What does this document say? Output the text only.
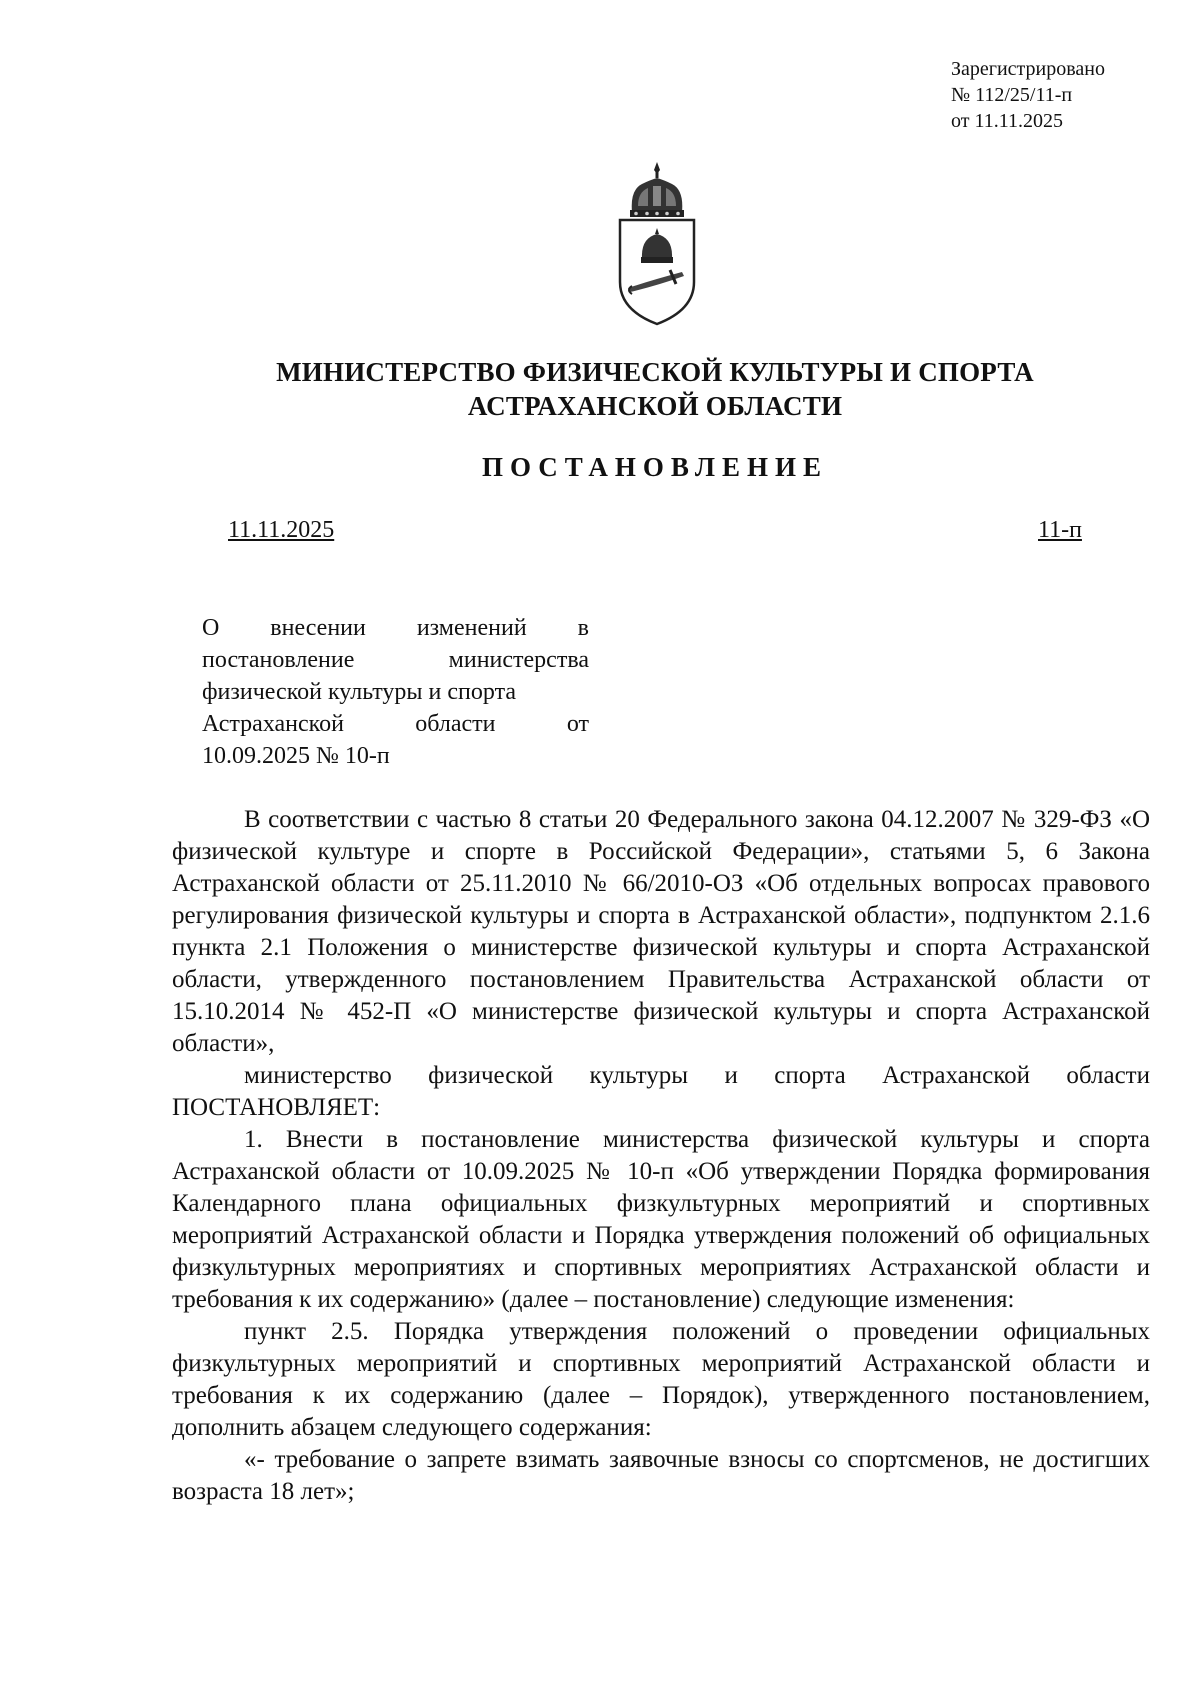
Зарегистрировано
№ 112/25/11-п
от 11.11.2025
МИНИСТЕРСТВО ФИЗИЧЕСКОЙ КУЛЬТУРЫ И СПОРТА
АСТРАХАНСКОЙ ОБЛАСТИ
ПОСТАНОВЛЕНИЕ
11.11.2025	11-п
О внесении изменений в
постановление	министерства
физической культуры и спорта
Астраханской	области	от
10.09.2025 № 10-п

В соответствии с частью 8 статьи 20 Федерального закона 04.12.2007 № 329-ФЗ «О физической культуре и спорте в Российской Федерации», статьями 5, 6 Закона Астраханской области от 25.11.2010 № 66/2010-ОЗ «Об отдельных вопросах правового регулирования физической культуры и спорта в Астраханской области», подпунктом 2.1.6 пункта 2.1 Положения о министерстве физической культуры и спорта Астраханской области, утвержденного постановлением Правительства Астраханской области от 15.10.2014 № 452-П «О министерстве физической культуры и спорта Астраханской области»,

министерство физической культуры и спорта Астраханской области ПОСТАНОВЛЯЕТ:

1. Внести в постановление министерства физической культуры и спорта Астраханской области от 10.09.2025 № 10-п «Об утверждении Порядка формирования Календарного плана официальных физкультурных мероприятий и спортивных мероприятий Астраханской области и Порядка утверждения положений об официальных физкультурных мероприятиях и спортивных мероприятиях Астраханской области и требования к их содержанию» (далее – постановление) следующие изменения:

пункт 2.5. Порядка утверждения положений о проведении официальных физкультурных мероприятий и спортивных мероприятий Астраханской области и требования к их содержанию (далее – Порядок), утвержденного постановлением, дополнить абзацем следующего содержания:

«- требование о запрете взимать заявочные взносы со спортсменов, не достигших возраста 18 лет»;
